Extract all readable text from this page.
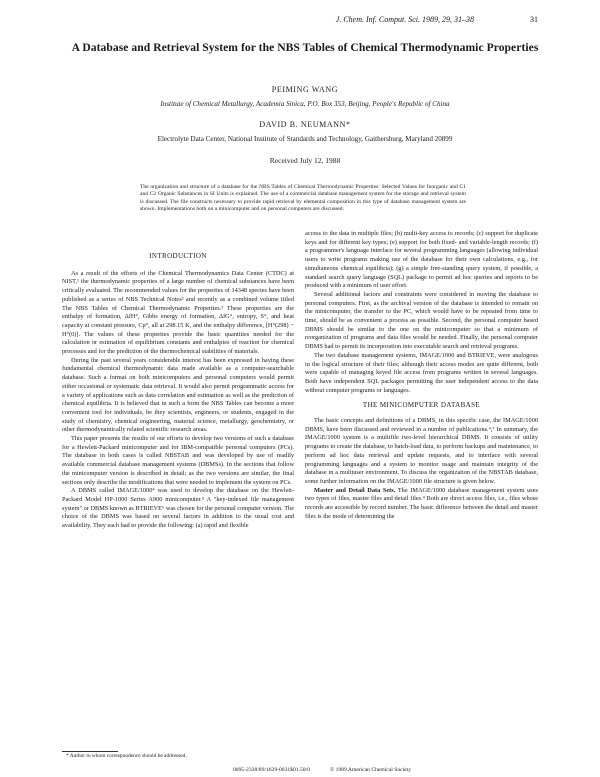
J. Chem. Inf. Comput. Sci. 1989, 29, 31–38	31
A Database and Retrieval System for the NBS Tables of Chemical Thermodynamic Properties
PEIMING WANG
Institute of Chemical Metallurgy, Academia Sinica, P.O. Box 353, Beijing, People's Republic of China
DAVID B. NEUMANN*
Electrolyte Data Center, National Institute of Standards and Technology, Gaithersburg, Maryland 20899
Received July 12, 1988
The organization and structure of a database for the NBS Tables of Chemical Thermodynamic Properties: Selected Values for Inorganic and C1 and C2 Organic Substances in SI Units is explained. The use of a commercial database management system for the storage and retrieval system is discussed. The file constructs necessary to provide rapid retrieval by elemental composition in this type of database management system are shown. Implementations both on a minicomputer and on personal computers are discussed.
INTRODUCTION

As a result of the efforts of the Chemical Thermodynamics Data Center (CTDC) at NIST,¹ the thermodynamic properties of a large number of chemical substances have been critically evaluated. The recommended values for the properties of 14348 species have been published as a series of NBS Technical Notes² and recently as a combined volume titled The NBS Tables of Chemical Thermodynamic Properties.³ These properties are the enthalpy of formation, ΔfH°, Gibbs energy of formation, ΔfG°, entropy, S°, and heat capacity at constant pressure, Cp°, all at 298.15 K, and the enthalpy difference, [H°(298) − H°(0)]. The values of these properties provide the basic quantities needed for the calculation or estimation of equilibrium constants and enthalpies of reaction for chemical processes and for the prediction of the thermochemical stabilities of materials.

During the past several years considerable interest has been expressed in having these fundamental chemical thermodynamic data made available as a computer-searchable database. Such a format on both minicomputers and personal computers would permit either occasional or systematic data retrieval. It would also permit programmatic access for a variety of applications such as data correlation and estimation as well as the prediction of chemical equilibria. It is believed that in such a form the NBS Tables can become a more convenient tool for individuals, be they scientists, engineers, or students, engaged in the study of chemistry, chemical engineering, material science, metallurgy, geochemistry, or other thermodynamically related scientific research areas.

This paper presents the results of our efforts to develop two versions of such a database for a Hewlett-Packard minicomputer and for IBM-compatible personal computers (PCs). The database in both cases is called NBSTAB and was developed by use of readily available commercial database management systems (DBMSs). In the sections that follow the minicomputer version is described in detail; as the two versions are similar, the final sections only describe the modifications that were needed to implement the system on PCs.

A DBMS called IMAGE/1000⁴ was used to develop the database on the Hewlett-Packard Model HP-1000 Series A900 minicomputer.⁵ A "key-indexed file management system" or DBMS known as BTRIEVE⁶ was chosen for the personal computer version. The choice of the DBMS was based on several factors in addition to the usual cost and availability. They each had to provide the following: (a) rapid and flexible

access to the data in multiple files; (b) multi-key access to records; (c) support for duplicate keys and for different key types; (e) support for both fixed- and variable-length records; (f) a programmer's language interface for several programming languages (allowing individual users to write programs making use of the database for their own calculations, e.g., for simultaneous chemical equilibria); (g) a simple free-standing query system, if possible, a standard search query language (SQL) package to permit ad hoc queries and reports to be produced with a minimum of user effort.

Several additional factors and constraints were considered in moving the database to personal computers. First, as the archival version of the database is intended to remain on the minicomputer, the transfer to the PC, which would have to be repeated from time to time, should be as convenient a process as possible. Second, the personal computer based DBMS should be similar to the one on the minicomputer so that a minimum of reorganization of programs and data files would be needed. Finally, the personal computer DBMS had to permit its incorporation into executable search and retrieval programs.

The two database management systems, IMAGE/1000 and BTRIEVE, were analogous in the logical structure of their files; although their access modes are quite different, both were capable of managing keyed file access from programs written in several languages. Both have independent SQL packages permitting the user independent access to the data without computer programs or languages.

THE MINICOMPUTER DATABASE

The basic concepts and definitions of a DBMS, in this specific case, the IMAGE/1000 DBMS, have been discussed and reviewed in a number of publications.⁴,⁷ In summary, the IMAGE/1000 system is a multifile two-level hierarchical DBMS. It consists of utility programs to create the database, to batch-load data, to perform backups and maintenance, to perform ad hoc data retrieval and update requests, and to interface with several programming languages and a system to monitor usage and maintain integrity of the database in a multiuser environment. To discuss the organization of the NBSTAB database, some further information on the IMAGE/1000 file structure is given below.

Master and Detail Data Sets. The IMAGE/1000 database management system uses two types of files, master files and detail files.⁴ Both are direct access files, i.e., files whose records are accessible by record number. The basic difference between the detail and master files is the mode of determining the

* Author to whom correspondence should be addressed.
0095-2338/89/1629-0031$01.50/0	© 1989 American Chemical Society
